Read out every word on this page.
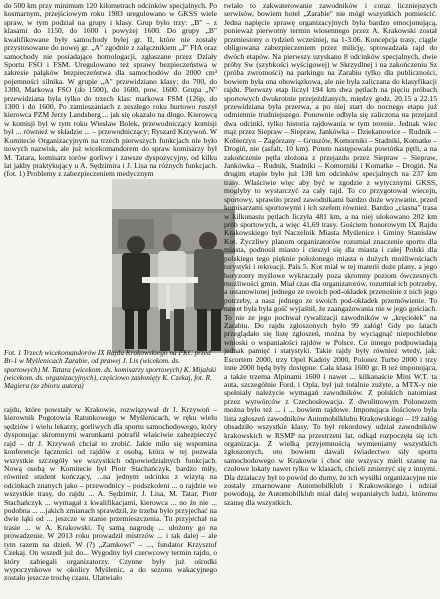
do 500 km przy minimum 120 kilometrach odcinków specjalnych. Po kosmarnym, przejściowym roku 1983 uregulowano w GKSS wiele spraw, w tym podział na grupy i klasy. Grup było trzy: „B" – z klasami do 1150, do 1600 i powyżej 1600. Do grupy „B" kwalifikowane były samochody byłej gr. II, które nie zostały przystosowane do nowej gr. „A" zgodnie z załącznikiem „J" FIA oraz samochody nie posiadające homologacji, zgłaszane przez Działy Sportu FSO i FSM. Uregulowano też sprawy bezpieczeństwa w zakresie pałąków bezpieczeństwa dla samochodów do 2000 cm³ pojemności silnika. W grupie „A" przewidziano klasy: do 700, do 1300, Markowa FSO (do 1500), do 1600, pow. 1600. Grupa „N" przewidziana była tylko do trzech klas: markowa FSM (126p, do 1300 i do 1600. Po zamieszaniach z zeszłego roku hurtowo ruszył kierowca PZM Jerzy Landsberg ... jak się okazało na długo. Kierowcą w komisji był w tym roku Wiesław Bolek, przewodniczący komisji był ... również w składzie ... – przewodniczący; Ryszard Krzywoń. W Komitecie Organizacyjnym na trzech pierwszych funkcjach nie było nowych nazwisk, ale już wicekomandorem do spraw komisarzy był M. Tatara, komisarz torów gorliwy i zawsze dyspozycyjny, od kilku lat jakby praktykujący u A. Sędzimira i J. Lisa na różnych funkcjach.(fot. 1) Problemy z zabezpieczeniem medycznym

Fot. 1 Trzech wicekomandorów IX Rajdu Krakowskiego na PKC przed Br-1 w Myślenicach Zarabie, od prawej J. Lis (wicekom. ds. sportowych) M. Tatara (wicekom. ds. komisarzy sportowych) K. Mijalski (wicekom. ds. organizacyjnych), częściowo zasłonięty K. Czekaj, fot. R. Magiera (ze zbioru autora)

rajdu, które powstały w Krakowie, rozwiązywał dr J. Krzywoń – kierownik Pogotowia Ratunkowego w Myślenicach, w ręku wielu sędziów i wielu lekarzy, gorliwych dla sportu samochodowego, który dysponując skromnymi warunkami potrafił właściwie zabezpieczyć rajd – dr J. Krzywoń chciał to zrobić. Jakie miło się wspomina konferencje łączności od rajdów z osobą, która w tej pozwala wszystkie szczegóły we wszystkich odpowiedzialnych funkcjach. Nową osobą w Komitecie był Piotr Stachańczyk, bardzo miły, równieź student kończący, ...na jednym odcinku z wizytą na odcinkach znanych jako – przewodnicy – podszkoleni ... o rajdzie we wszystkie trasy, do rajdu ... A. Sędzimir, J. Lisa, M. Tatar, Piotr Stachańczyk ... wymagał z kwalifikacjami, kierowca ... no że nie ... podobna ... ...jakich zmianach sprawdził, że trzeba było przyjechać na dwie łąki od ... jeszcze w stanie przemieszczenia. Tu przyjechał na trasie ... w A. Krakowski. Tę samą nagrodę ... ułożony go na prowadzenie. W 2013 roku prowadził mistrzów ... i tak dalej – ale tym razem na dzień. W (?) „Zamkowi" – ..., fundator Krzysztof Czekaj. On wszedł już do... Wygodny był czerwcowy termin rajdu, o który zabiegali organizatorzy. Czynne były już ośrodki wypoczynkowe w okolicy Myślenic, a do sezonu wakacyjnego zostało jeszcze trochę czasu. Ulatwiało

twiało to zakwaterowanie zawodników i coraz liczniejszych serwisów, bowiem hotel „Zarabie" nie mógł wszystkich pomieścić. Jedna napięcie sprawę organizacyjnych była bardzo emocjonującą, ponieważ pierwotny termin wiosennego przez A. Krakowski został przeniesiony o tydzień wcześniej, na 1-3.06. Koncepcja trasy, ciągle obligowana zabezpieczeniem przez milicję, sprowadzała rajd do dwóch etapów. Na pierwszy uzyskano 8 odcinków specjalnych, dwie próby Sw (szybkości wyścigowej) w Skrzydlnej i na zakończeniu Sz (próba zwrotności) na parkingu na Zarabiu tylko dla publiczności, bowiem była ona obowiązkowa, ale nie była zaliczana do klasyfikacji rajdu. Pierwszy etap liczył 194 km dwa pętlach na pięciu próbach sportowych dwukrotnie przejeżdżanych, między godz. 20.15 a 22.15 przewidziana była przerwa, a po niej start do nocnego etapu już odmiennie trudniejszego. Ponownie odbyła się zaliczona na przejazd dwa odcinki, tylko historia rajdowania w tym terenie. Jednak wiec mąż przez Siepraw – Siepraw, Jankówka – Dziekanowice – Rudnik – Kobierzyn – Zagórzany – Gruszów, Komorniki – Stadniki, Komatke – Drogiń, nie (asfalt, 10 km). Potem następowała powtórka pętli, a na zakończenie pętla złożona z przejazdu przez Siepraw – Siepraw, Jankówka – Rudnik, Stadniki – Komorniki i Komatke – Drogiń. Na drugim etapie było już 138 km odcinków specjalnych na 237 km trasy. Właściwie więc aby być w zgodzie z wytycznymi GKSS, mogłyby to wystarczyć za cały rajd. To co przygotował wiecejn, sportowy, sprawiło przed zawodnikami bardzo duże wyzwanie, przed komisarzami sportowymi i ich szefem również. Bardzo „ciasna" trasa w kilkunastu pętlach liczyła 481 km, a na niej ulokowano 202 km prób sportowych, a więc 41,69 trasy. Gościem honorowym IX Rajdu Krakowskiego był Naczelnik Miasta Myślenice i Gminy Stanisław Kot. Życzliwy planom organizatorów rozumiał znaczenie sportu dla miasta, podnosił miasto i cieszył się dla miasta i całej Polski dla polskiego tego pięknie położonego miasta o dużych możliwościach turystyki i rekreacji. País 5. Kot miał w tej materii duże plany, a jego horyzonty myślowe wykraczały poza skromny poziom ówczesnych możliwości gmin. Miał czas dla organizatorów, rozumiał ich potrzeby, a ustanowionej jednego ze swoich pod-okładek przenośnie z nich jego potrzeby, a nasz jednego ze swoich pod-okładek przemówienie. To nawet była była gość wyjaśnił, że zaangażowania nie w jego gościach. To nie ze jego pochwał rywalizacji zawodników w „kręciołek" na Zarabiu. Do rajdu zgłoszonych było 99 załóg! Gdy po latach przeglądało się listę zgłoszeń, można by wyciągnąć niepochlebne wnioski o wspaniałości rajdów w Polsce. Co innego podpowiadają jednak pamięć i statystyki. Takie rajdy były również wtedy, jak: Escortem 2000, trzy Opel Kadety 2000, Polonez Turbo 2000 i trzy inne 2000 będą były dostępne. Cała klasa 1600 gr. B też imponująca, a także trzema Alpinami 1600 i nawet ... kilkanaście Mini W.T. ta auta, szczególnie Ford, i Opla, był już totalnie zużyte, a MTX-y nie spełniały należycie wymagań zawodników. Z polskich natomiast przez wytwórców z Czechosłowacja. Z dwulitrowym Polonezem można było też ... i ... bowiem rajdowe. Imponująca ilościowo była lista zgłoszeń zawodników Automobilklubu Krakowskiego – 19 załóg obsadziło wszystkie klasy. To był rekordowy udział zawodników krakowskich w RSMP na przestrzeni lat, odkąd rozpoczęła się ich organizacja. Z wielką przyjemnością wymieniamy wszystkich zgłoszonych, oto bowiem dawali świadectwo siły sportu samochodowego w Krakowie i choć nie wszyscy mieli szansę na czołowe lokaty nawet tylko w klasach, chcieli zmierzyć się z innymi. Dla działaczy był to powód do dumy, że ich wysiłki organizacyjne nie zostały zmarnowane Automobilklub i Krakowskiego i udział powodują, że Automobilklub miał dalej wspaniałych ludzi, któremu szansę dla wszystkich.
